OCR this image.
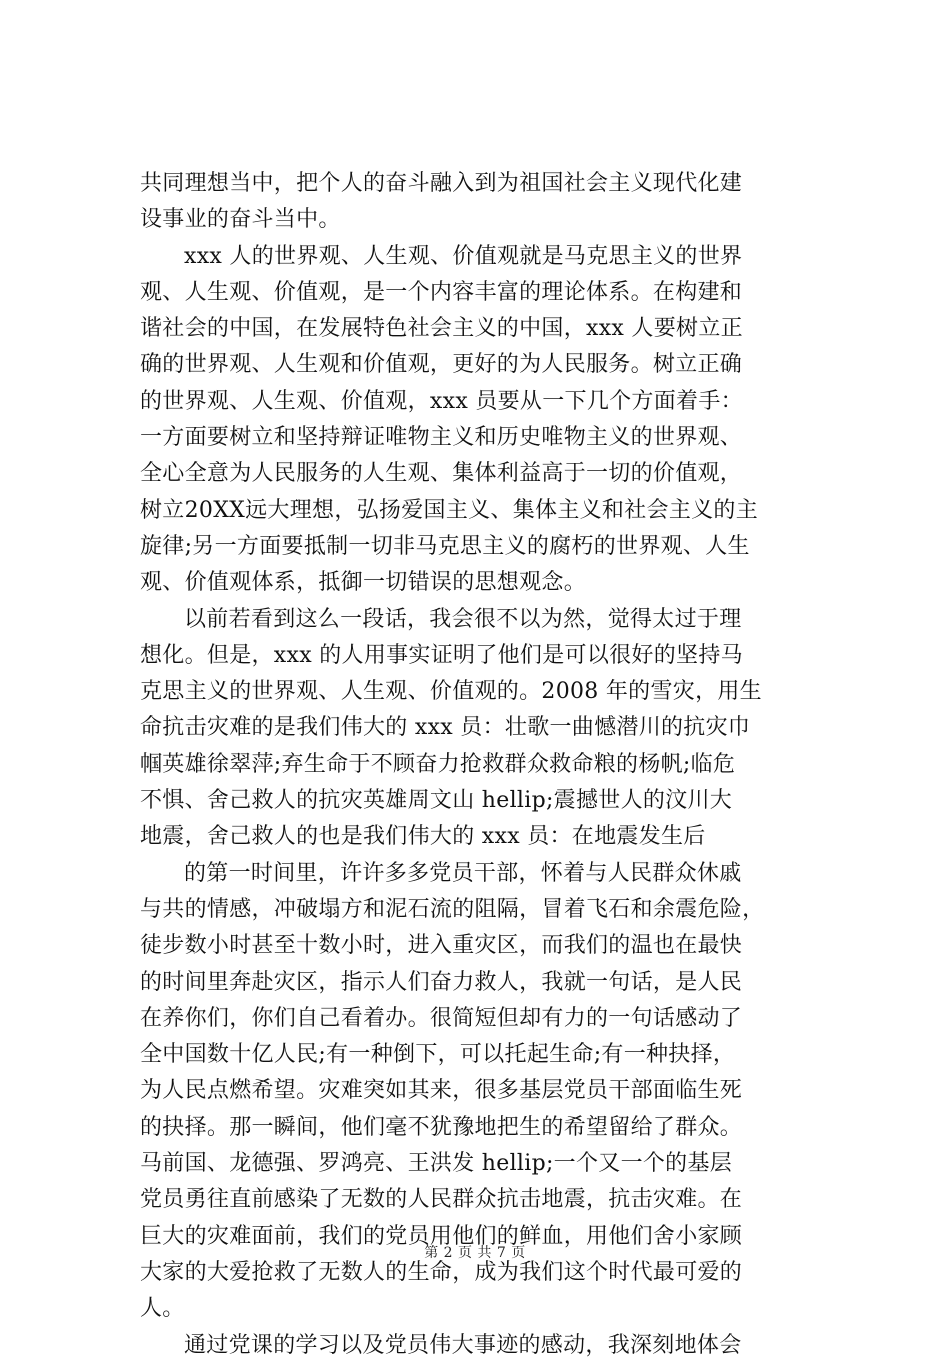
共同理想当中，把个人的奋斗融入到为祖国社会主义现代化建
设事业的奋斗当中。
xxx 人的世界观、人生观、价值观就是马克思主义的世界
观、人生观、价值观，是一个内容丰富的理论体系。在构建和
谐社会的中国，在发展特色社会主义的中国，xxx 人要树立正
确的世界观、人生观和价值观，更好的为人民服务。树立正确
的世界观、人生观、价值观，xxx 员要从一下几个方面着手：
一方面要树立和坚持辩证唯物主义和历史唯物主义的世界观、
全心全意为人民服务的人生观、集体利益高于一切的价值观，
树立20XX远大理想，弘扬爱国主义、集体主义和社会主义的主
旋律;另一方面要抵制一切非马克思主义的腐朽的世界观、人生
观、价值观体系，抵御一切错误的思想观念。
以前若看到这么一段话，我会很不以为然，觉得太过于理
想化。但是，xxx 的人用事实证明了他们是可以很好的坚持马
克思主义的世界观、人生观、价值观的。2008 年的雪灾，用生
命抗击灾难的是我们伟大的 xxx 员：壮歌一曲憾潜川的抗灾巾
帼英雄徐翠萍;弃生命于不顾奋力抢救群众救命粮的杨帆;临危
不惧、舍己救人的抗灾英雄周文山 hellip;震撼世人的汶川大
地震，舍己救人的也是我们伟大的 xxx 员：在地震发生后
的第一时间里，许许多多党员干部，怀着与人民群众休戚
与共的情感，冲破塌方和泥石流的阻隔，冒着飞石和余震危险，
徒步数小时甚至十数小时，进入重灾区，而我们的温也在最快
的时间里奔赴灾区，指示人们奋力救人，我就一句话，是人民
在养你们，你们自己看着办。很简短但却有力的一句话感动了
全中国数十亿人民;有一种倒下，可以托起生命;有一种抉择，
为人民点燃希望。灾难突如其来，很多基层党员干部面临生死
的抉择。那一瞬间，他们毫不犹豫地把生的希望留给了群众。
马前国、龙德强、罗鸿亮、王洪发 hellip;一个又一个的基层
党员勇往直前感染了无数的人民群众抗击地震，抗击灾难。在
巨大的灾难面前，我们的党员用他们的鲜血，用他们舍小家顾
大家的大爱抢救了无数人的生命，成为我们这个时代最可爱的
人。
通过党课的学习以及党员伟大事迹的感动，我深刻地体会
第 2 页 共 7 页
